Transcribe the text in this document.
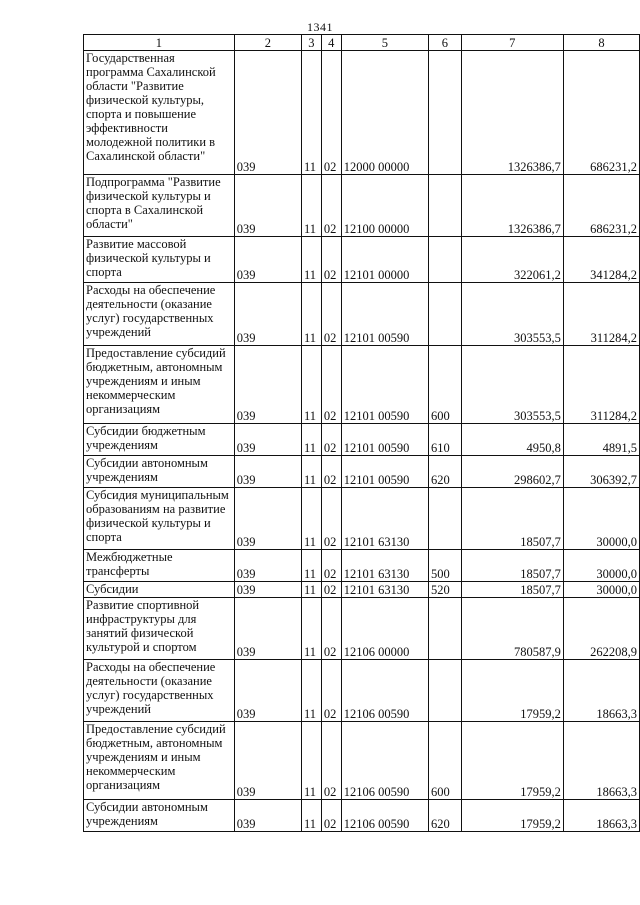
1341
1	2	3	4	5	6	7	8
Государственная программа Сахалинской области "Развитие физической культуры, спорта и повышение эффективности молодежной политики в Сахалинской области"	039	11	02	12000 00000		1326386,7	686231,2
Подпрограмма "Развитие физической культуры и спорта в Сахалинской области"	039	11	02	12100 00000		1326386,7	686231,2
Развитие массовой физической культуры и спорта	039	11	02	12101 00000		322061,2	341284,2
Расходы на обеспечение деятельности (оказание услуг) государственных учреждений	039	11	02	12101 00590		303553,5	311284,2
Предоставление субсидий бюджетным, автономным учреждениям и иным некоммерческим организациям	039	11	02	12101 00590	600	303553,5	311284,2
Субсидии бюджетным учреждениям	039	11	02	12101 00590	610	4950,8	4891,5
Субсидии автономным учреждениям	039	11	02	12101 00590	620	298602,7	306392,7
Субсидия муниципальным образованиям на развитие физической культуры и спорта	039	11	02	12101 63130		18507,7	30000,0
Межбюджетные трансферты	039	11	02	12101 63130	500	18507,7	30000,0
Субсидии	039	11	02	12101 63130	520	18507,7	30000,0
Развитие спортивной инфраструктуры для занятий физической культурой и спортом	039	11	02	12106 00000		780587,9	262208,9
Расходы на обеспечение деятельности (оказание услуг) государственных учреждений	039	11	02	12106 00590		17959,2	18663,3
Предоставление субсидий бюджетным, автономным учреждениям и иным некоммерческим организациям	039	11	02	12106 00590	600	17959,2	18663,3
Субсидии автономным учреждениям	039	11	02	12106 00590	620	17959,2	18663,3
